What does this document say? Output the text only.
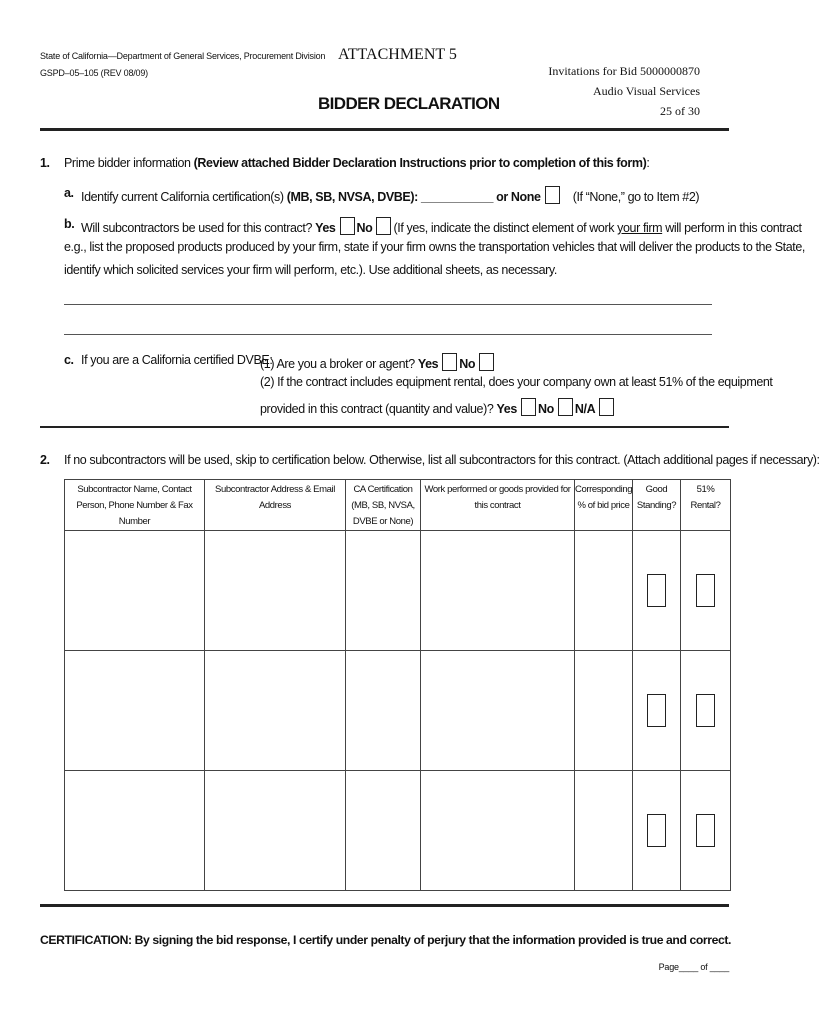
State of California—Department of General Services, Procurement Division
GSPD–05–105 (REV 08/09)
ATTACHMENT 5
Invitations for Bid 5000000870
Audio Visual Services
25 of 30
BIDDER DECLARATION
1. Prime bidder information (Review attached Bidder Declaration Instructions prior to completion of this form):
a. Identify current California certification(s) (MB, SB, NVSA, DVBE): ___________ or None	(If “None,” go to Item #2)
b. Will subcontractors be used for this contract? Yes No (If yes, indicate the distinct element of work your firm will perform in this contract
e.g., list the proposed products produced by your firm, state if your firm owns the transportation vehicles that will deliver the products to the State,
identify which solicited services your firm will perform, etc.). Use additional sheets, as necessary.
c. If you are a California certified DVBE:
(1) Are you a broker or agent? Yes No
(2) If the contract includes equipment rental, does your company own at least 51% of the equipment
provided in this contract (quantity and value)? Yes No N/A
2. If no subcontractors will be used, skip to certification below. Otherwise, list all subcontractors for this contract. (Attach additional pages if necessary):
Subcontractor Name, Contact Person, Phone Number & Fax Number	Subcontractor Address & Email Address	CA Certification (MB, SB, NVSA, DVBE or None)	Work performed or goods provided for this contract	Corresponding % of bid price	Good Standing?	51% Rental?

CERTIFICATION: By signing the bid response, I certify under penalty of perjury that the information provided is true and correct.
Page____ of ____
